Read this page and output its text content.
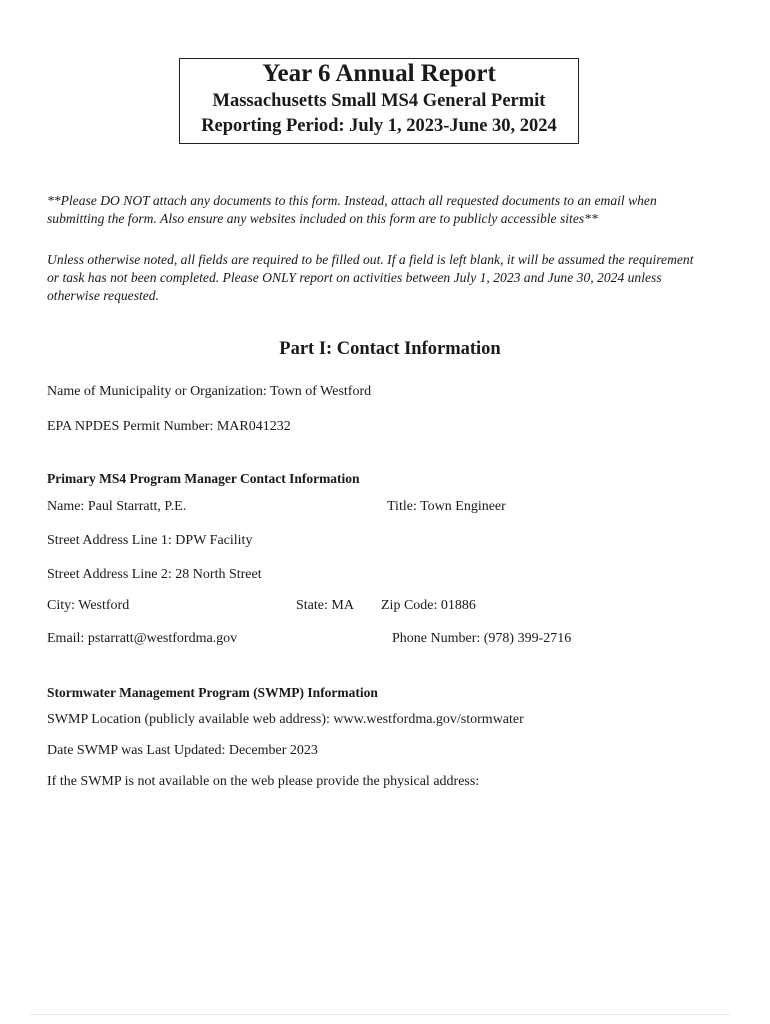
Year 6 Annual Report
Massachusetts Small MS4 General Permit
Reporting Period: July 1, 2023-June 30, 2024
**Please DO NOT attach any documents to this form. Instead, attach all requested documents to an email when submitting the form. Also ensure any websites included on this form are to publicly accessible sites**
Unless otherwise noted, all fields are required to be filled out. If a field is left blank, it will be assumed the requirement or task has not been completed. Please ONLY report on activities between July 1, 2023 and June 30, 2024 unless otherwise requested.
Part I: Contact Information
Name of Municipality or Organization: Town of Westford
EPA NPDES Permit Number: MAR041232
Primary MS4 Program Manager Contact Information
Name: Paul Starratt, P.E.	Title: Town Engineer
Street Address Line 1: DPW Facility
Street Address Line 2: 28 North Street
City: Westford	State: MA Zip Code: 01886
Email: pstarratt@westfordma.gov	Phone Number: (978) 399-2716
Stormwater Management Program (SWMP) Information
SWMP Location (publicly available web address): www.westfordma.gov/stormwater
Date SWMP was Last Updated: December 2023
If the SWMP is not available on the web please provide the physical address:
